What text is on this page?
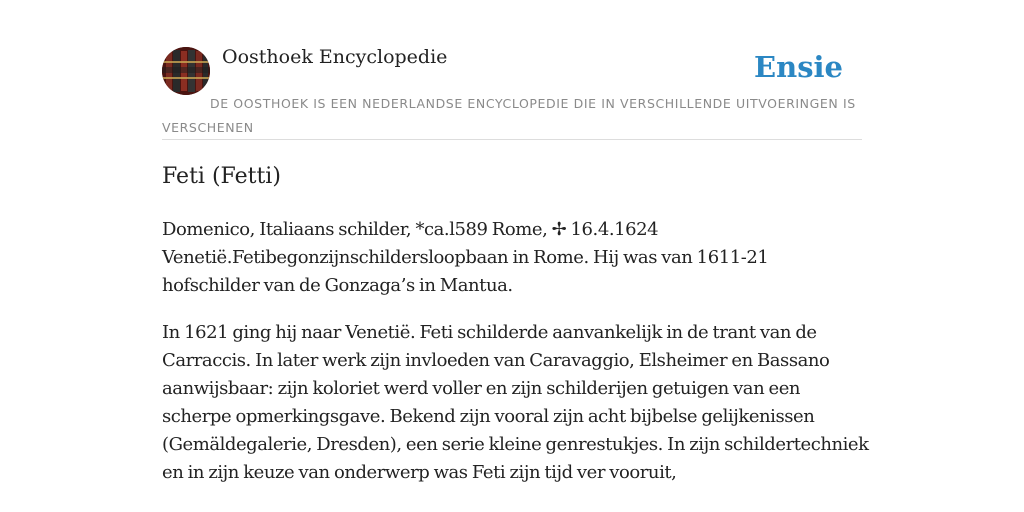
Oosthoek Encyclopedie	Ensie
DE OOSTHOEK IS EEN NEDERLANDSE ENCYCLOPEDIE DIE IN VERSCHILLENDE UITVOERINGEN IS VERSCHENEN
Feti (Fetti)

Domenico, Italiaans schilder, *ca.l589 Rome, ✢ 16.4.1624
Venetië.Fetibegonzijnschildersloopbaan in Rome. Hij was van 1611-21
hofschilder van de Gonzaga’s in Mantua.

In 1621 ging hij naar Venetië. Feti schilderde aanvankelijk in de trant van de
Carraccis. In later werk zijn invloeden van Caravaggio, Elsheimer en Bassano
aanwijsbaar: zijn koloriet werd voller en zijn schilderijen getuigen van een
scherpe opmerkingsgave. Bekend zijn vooral zijn acht bijbelse gelijkenissen
(Gemäldegalerie, Dresden), een serie kleine genrestukjes. In zijn schildertechniek
en in zijn keuze van onderwerp was Feti zijn tijd ver vooruit,
